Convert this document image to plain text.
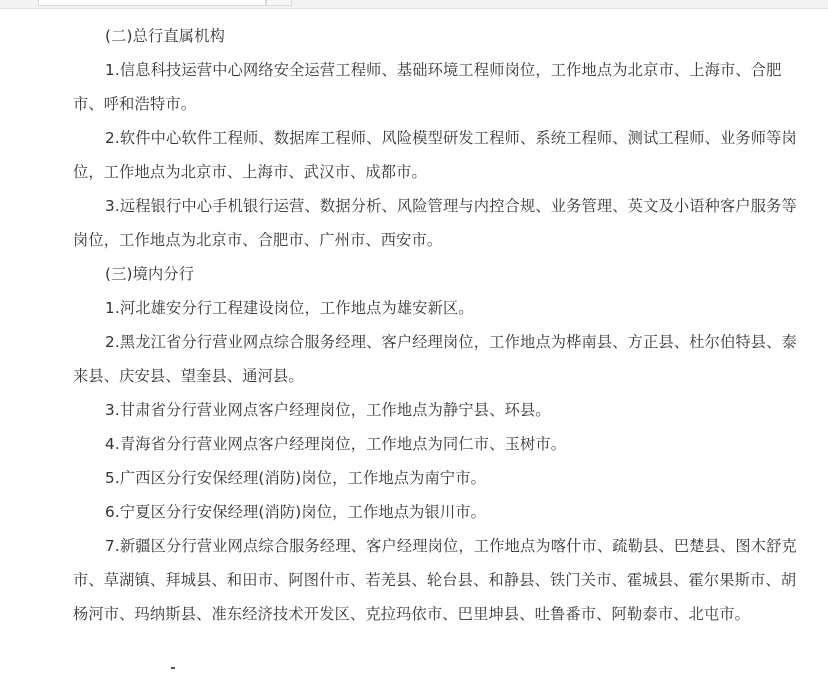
(二)总行直属机构

1.信息科技运营中心网络安全运营工程师、基础环境工程师岗位，工作地点为北京市、上海市、合肥市、呼和浩特市。

2.软件中心软件工程师、数据库工程师、风险模型研发工程师、系统工程师、测试工程师、业务师等岗位，工作地点为北京市、上海市、武汉市、成都市。

3.远程银行中心手机银行运营、数据分析、风险管理与内控合规、业务管理、英文及小语种客户服务等岗位，工作地点为北京市、合肥市、广州市、西安市。

(三)境内分行

1.河北雄安分行工程建设岗位，工作地点为雄安新区。

2.黑龙江省分行营业网点综合服务经理、客户经理岗位，工作地点为桦南县、方正县、杜尔伯特县、泰来县、庆安县、望奎县、通河县。

3.甘肃省分行营业网点客户经理岗位，工作地点为静宁县、环县。

4.青海省分行营业网点客户经理岗位，工作地点为同仁市、玉树市。

5.广西区分行安保经理(消防)岗位，工作地点为南宁市。

6.宁夏区分行安保经理(消防)岗位，工作地点为银川市。

7.新疆区分行营业网点综合服务经理、客户经理岗位，工作地点为喀什市、疏勒县、巴楚县、图木舒克市、草湖镇、拜城县、和田市、阿图什市、若羌县、轮台县、和静县、铁门关市、霍城县、霍尔果斯市、胡杨河市、玛纳斯县、准东经济技术开发区、克拉玛依市、巴里坤县、吐鲁番市、阿勒泰市、北屯市。
